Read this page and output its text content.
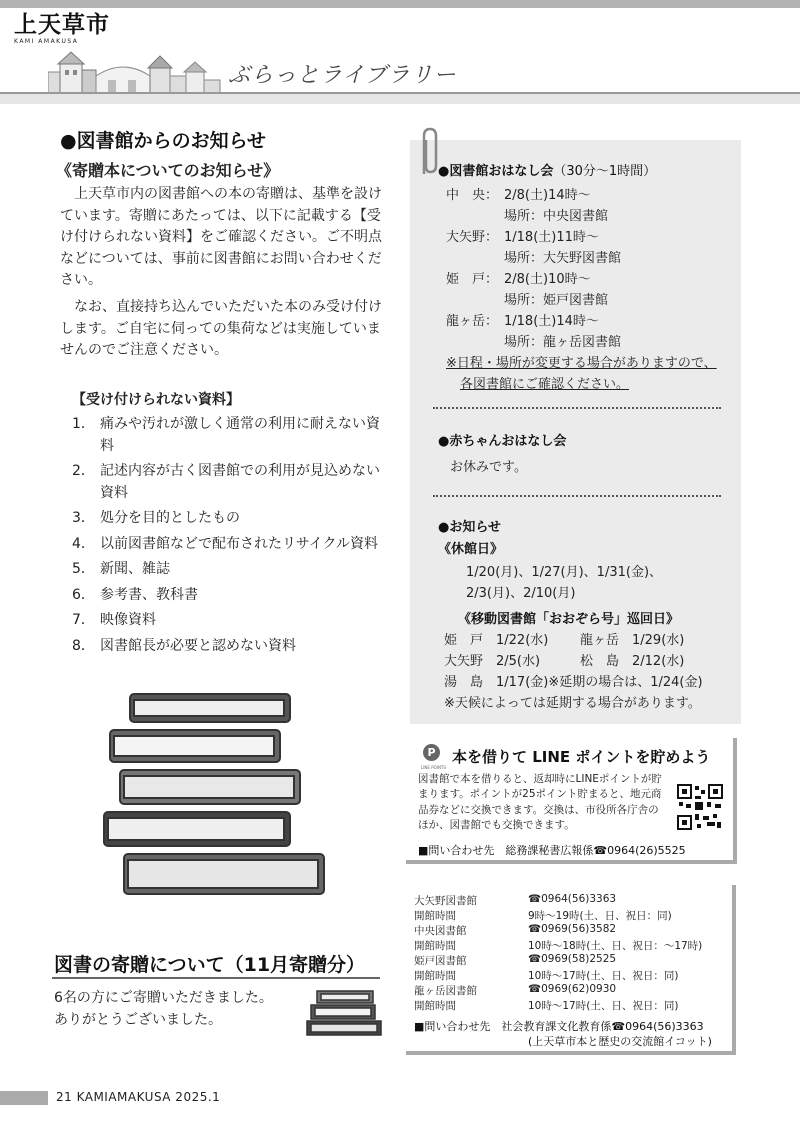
上天草市
KAMI AMAKUSA
ぶらっとライブラリー
●図書館からのお知らせ
《寄贈本についてのお知らせ》

上天草市内の図書館への本の寄贈は、基準を設けています。寄贈にあたっては、以下に記載する【受け付けられない資料】をご確認ください。ご不明点などについては、事前に図書館にお問い合わせください。

なお、直接持ち込んでいただいた本のみ受け付けします。ご自宅に伺っての集荷などは実施していませんのでご注意ください。

【受け付けられない資料】
1． 痛みや汚れが激しく通常の利用に耐えない資料
2． 記述内容が古く図書館での利用が見込めない資料
3． 処分を目的としたもの
4． 以前図書館などで配布されたリサイクル資料
5． 新聞、雑誌
6． 参考書、教科書
7． 映像資料
8． 図書館長が必要と認めない資料
図書の寄贈について（11月寄贈分）
6名の方にご寄贈いただきました。
ありがとうございました。
●図書館おはなし会（30分～1時間）
中　央： 2/8(土)14時～
場所：中央図書館
大矢野： 1/18(土)11時～
場所：大矢野図書館
姫　戸： 2/8(土)10時～
場所：姫戸図書館
龍ヶ岳： 1/18(土)14時～
場所：龍ヶ岳図書館
※日程・場所が変更する場合がありますので、
各図書館にご確認ください。
●赤ちゃんおはなし会
お休みです。
●お知らせ
《休館日》
1/20(月)、1/27(月)、1/31(金)、
2/3(月)、2/10(月)
《移動図書館「おおぞら号」巡回日》
姫　戸　1/22(水) 龍ヶ岳　1/29(水)
大矢野　2/5(水)	松　島　2/12(水)
湯　島　1/17(金)※延期の場合は、1/24(金)
※天候によっては延期する場合があります。
P
LINE POINTS
本を借りて LINE ポイントを貯めよう
図書館で本を借りると、返却時にLINEポイントが貯まります。ポイントが25ポイント貯まると、地元商品券などに交換できます。交換は、市役所各庁舎のほか、図書館でも交換できます。
■問い合わせ先　総務課秘書広報係☎0964(26)5525
大矢野図書館	☎0964(56)3363
開館時間	9時～19時(土、日、祝日：同)
中央図書館	☎0969(56)3582
開館時間	10時～18時(土、日、祝日：～17時)
姫戸図書館	☎0969(58)2525
開館時間	10時～17時(土、日、祝日：同)
龍ヶ岳図書館	☎0969(62)0930
開館時間	10時～17時(土、日、祝日：同)
■問い合わせ先　社会教育課文化教育係☎0964(56)3363
(上天草市本と歴史の交流館イコット)
21 KAMIAMAKUSA 2025.1
